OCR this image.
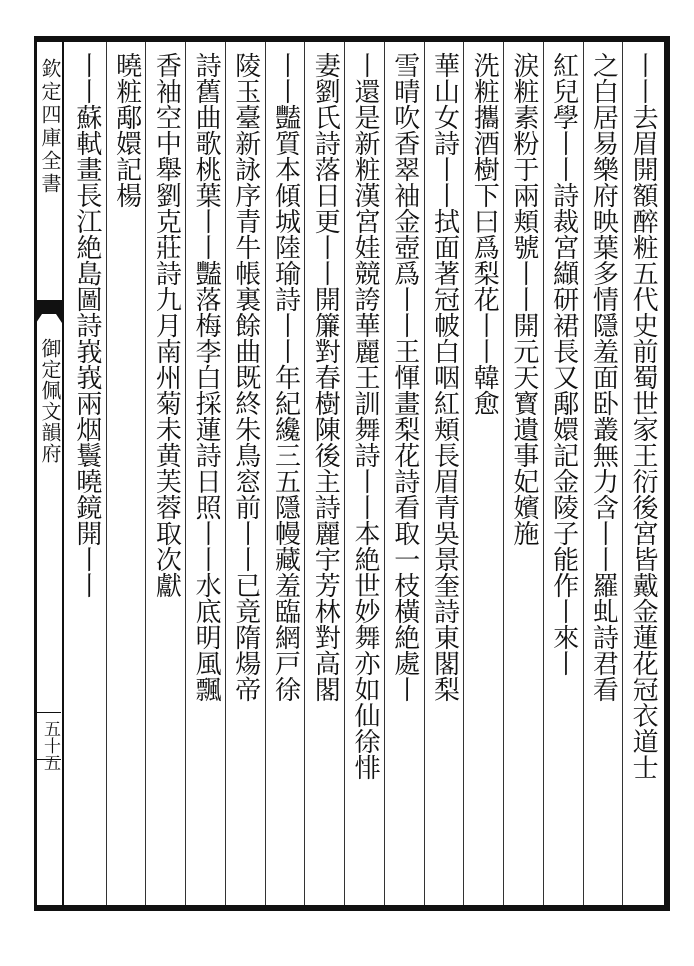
欽定四庫全書
御定佩文韻府
五十五	丨丨去眉開額醉粧五代史前蜀世家王衍後宮皆戴金蓮花冠衣道士
之白居易樂府映葉多情隱羞面卧叢無力含丨丨羅虬詩君看
紅兒學丨丨詩裁宮纈研裙長又鄅嬛記金陵子能作丨來丨
涙粧素粉于兩頬號丨丨開元天寳遺事妃嬪施
洗粧攜酒樹下曰爲梨花丨丨韓愈
華山女詩丨丨拭面著冠帔白咽紅頬長眉青吳景奎詩東閣梨
雪晴吹香翠袖金壺爲丨丨王惲畫梨花詩看取一枝橫絶處丨
丨還是新粧漢宮娃競誇華麗王訓舞詩丨丨本絶世妙舞亦如仙徐悱
妻劉氏詩落日更丨丨開簾對春樹陳後主詩麗宇芳林對高閣
丨丨豔質本傾城陸瑜詩丨丨年紀纔三五隱幔藏羞臨網戸徐
陵玉臺新詠序青牛帳裏餘曲既終朱鳥窓前丨丨已竟隋煬帝
詩舊曲歌桃葉丨丨豔落梅李白採蓮詩日照丨丨水底明風飄
香袖空中舉劉克莊詩九月南州菊未黄芙蓉取次獻
曉粧鄅嬛記楊
丨丨蘇軾畫長江絶島圖詩峩峩兩烟鬟曉鏡開丨丨
